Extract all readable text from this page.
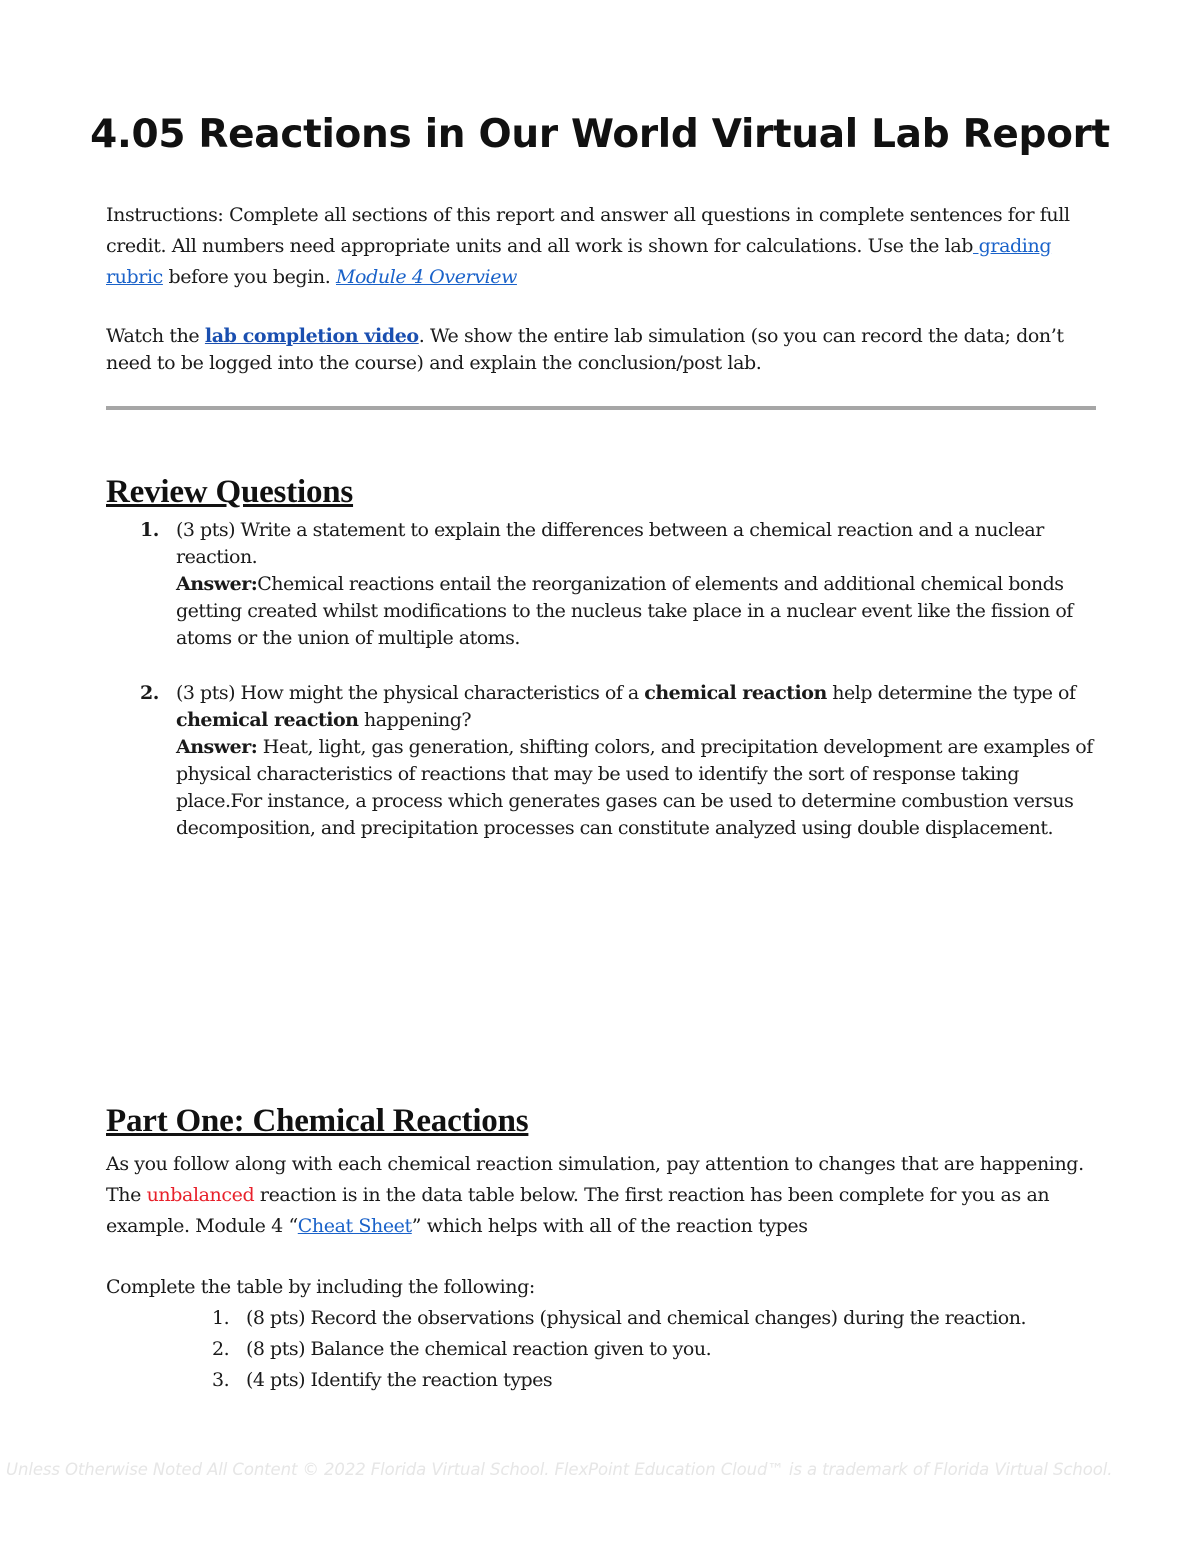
4.05 Reactions in Our World Virtual Lab Report
Instructions: Complete all sections of this report and answer all questions in complete sentences for full credit. All numbers need appropriate units and all work is shown for calculations. Use the lab grading rubric before you begin. Module 4 Overview
Watch the lab completion video. We show the entire lab simulation (so you can record the data; don’t need to be logged into the course) and explain the conclusion/post lab.
Review Questions
1. (3 pts) Write a statement to explain the differences between a chemical reaction and a nuclear reaction.
Answer:Chemical reactions entail the reorganization of elements and additional chemical bonds getting created whilst modifications to the nucleus take place in a nuclear event like the fission of atoms or the union of multiple atoms.
2. (3 pts) How might the physical characteristics of a chemical reaction help determine the type of chemical reaction happening?
Answer: Heat, light, gas generation, shifting colors, and precipitation development are examples of physical characteristics of reactions that may be used to identify the sort of response taking place.For instance, a process which generates gases can be used to determine combustion versus decomposition, and precipitation processes can constitute analyzed using double displacement.
Part One: Chemical Reactions
As you follow along with each chemical reaction simulation, pay attention to changes that are happening. The unbalanced reaction is in the data table below. The first reaction has been complete for you as an example. Module 4 “Cheat Sheet” which helps with all of the reaction types
Complete the table by including the following:
1. (8 pts) Record the observations (physical and chemical changes) during the reaction.
2. (8 pts) Balance the chemical reaction given to you.
3. (4 pts) Identify the reaction types
Unless Otherwise Noted All Content © 2022 Florida Virtual School. FlexPoint Education Cloud™ is a trademark of Florida Virtual School.
